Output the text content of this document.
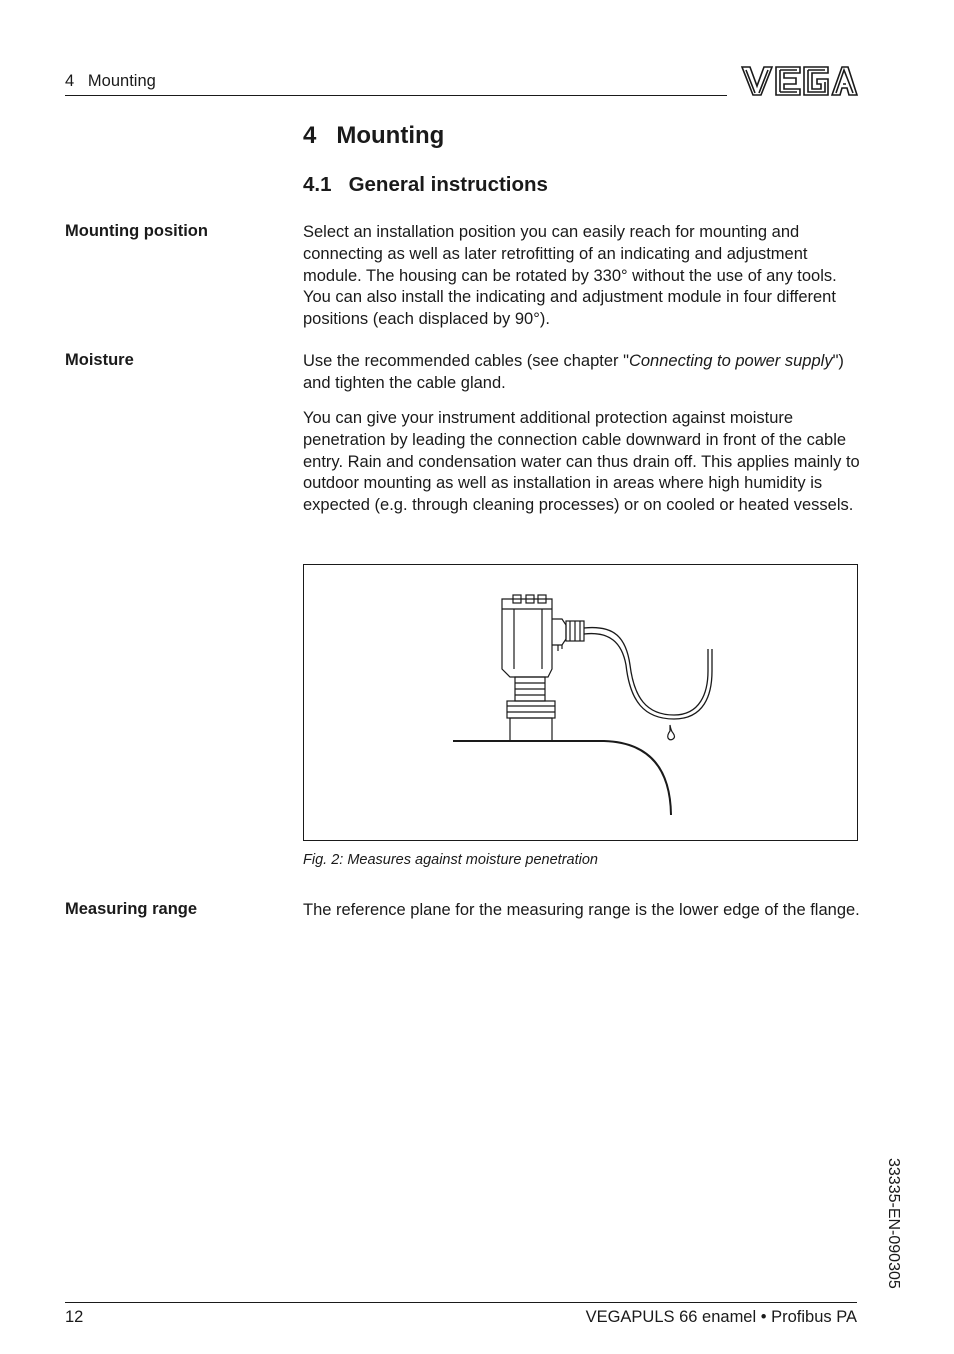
4   Mounting
4   Mounting
4.1   General instructions
Mounting position	Select an installation position you can easily reach for mounting and connecting as well as later retrofitting of an indicating and adjustment module. The housing can be rotated by 330° without the use of any tools. You can also install the indicating and adjustment module in four different positions (each displaced by 90°).
Moisture	Use the recommended cables (see chapter "Connecting to power supply") and tighten the cable gland.
You can give your instrument additional protection against moisture penetration by leading the connection cable downward in front of the cable entry. Rain and condensation water can thus drain off. This applies mainly to outdoor mounting as well as installation in areas where high humidity is expected (e.g. through cleaning processes) or on cooled or heated vessels.
Fig. 2: Measures against moisture penetration
Measuring range	The reference plane for the measuring range is the lower edge of the flange.
33335-EN-090305
12	VEGAPULS 66 enamel • Profibus PA
